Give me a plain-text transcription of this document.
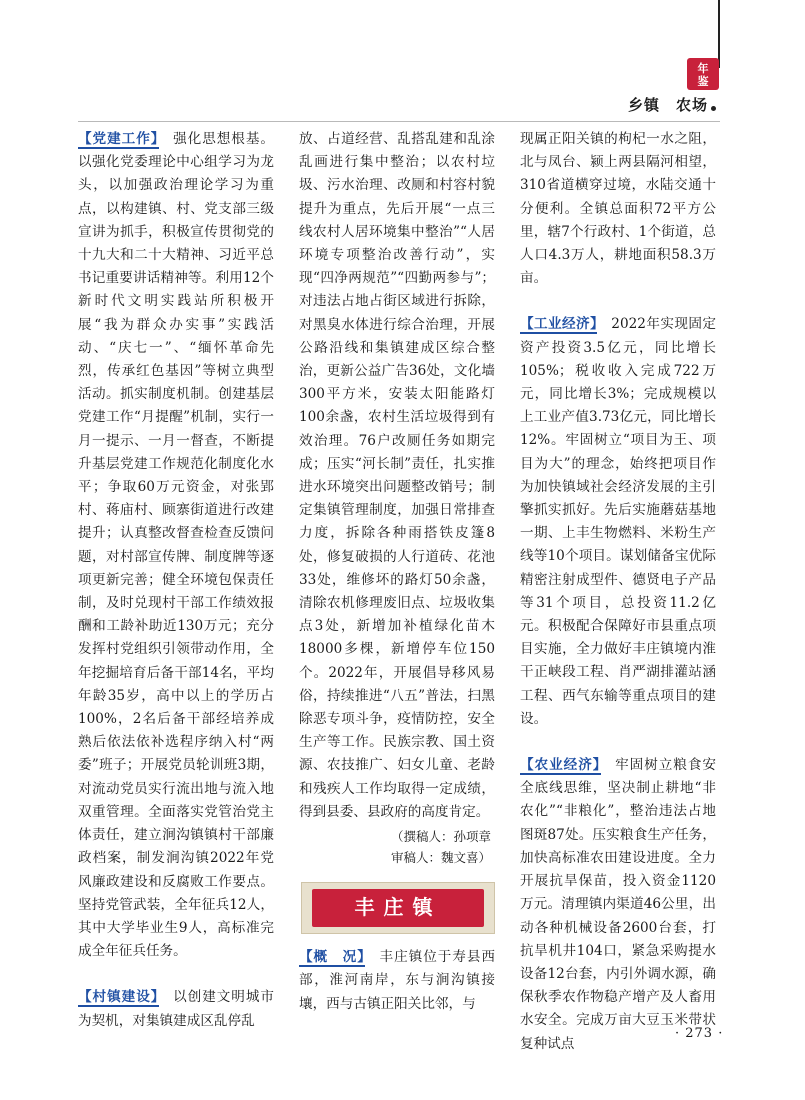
年
鉴
乡镇　农场

【党建工作】　强化思想根基。以强化党委理论中心组学习为龙头，以加强政治理论学习为重点，以构建镇、村、党支部三级宣讲为抓手，积极宣传贯彻党的十九大和二十大精神、习近平总书记重要讲话精神等。利用12个新时代文明实践站所积极开展“我为群众办实事”实践活动、“庆七一”、“缅怀革命先烈，传承红色基因”等树立典型活动。抓实制度机制。创建基层党建工作“月提醒”机制，实行一月一提示、一月一督查，不断提升基层党建工作规范化制度化水平；争取60万元资金，对张郢村、蒋庙村、顾寨街道进行改建提升；认真整改督查检查反馈问题，对村部宣传牌、制度牌等逐项更新完善；健全环境包保责任制，及时兑现村干部工作绩效报酬和工龄补助近130万元；充分发挥村党组织引领带动作用，全年挖掘培育后备干部14名，平均年龄35岁，高中以上的学历占100%，2名后备干部经培养成熟后依法依补选程序纳入村“两委”班子；开展党员轮训班3期，对流动党员实行流出地与流入地双重管理。全面落实党管治党主体责任，建立涧沟镇镇村干部廉政档案，制发涧沟镇2022年党风廉政建设和反腐败工作要点。坚持党管武装，全年征兵12人，其中大学毕业生9人，高标准完成全年征兵任务。

【村镇建设】　以创建文明城市为契机，对集镇建成区乱停乱

放、占道经营、乱搭乱建和乱涂乱画进行集中整治；以农村垃圾、污水治理、改厕和村容村貌提升为重点，先后开展“一点三线农村人居环境集中整治”“人居环境专项整治改善行动”，实现“四净两规范”“四勤两参与”；对违法占地占街区域进行拆除，对黑臭水体进行综合治理，开展公路沿线和集镇建成区综合整治，更新公益广告36处，文化墙300平方米，安装太阳能路灯100余盏，农村生活垃圾得到有效治理。76户改厕任务如期完成；压实“河长制”责任，扎实推进水环境突出问题整改销号；制定集镇管理制度，加强日常排查力度，拆除各种雨搭铁皮篷8处，修复破损的人行道砖、花池33处，维修坏的路灯50余盏，清除农机修理废旧点、垃圾收集点3处，新增加补植绿化苗木18000多棵，新增停车位150个。2022年，开展倡导移风易俗，持续推进“八五”普法，扫黑除恶专项斗争，疫情防控，安全生产等工作。民族宗教、国土资源、农技推广、妇女儿童、老龄和残疾人工作均取得一定成绩，得到县委、县政府的高度肯定。

（撰稿人：孙项章
审稿人：魏文喜）
丰庄镇

【概　况】　丰庄镇位于寿县西部，淮河南岸，东与涧沟镇接壤，西与古镇正阳关比邻，与

现属正阳关镇的枸杞一水之阻，北与凤台、颍上两县隔河相望，310省道横穿过境，水陆交通十分便利。全镇总面积72平方公里，辖7个行政村、1个街道，总人口4.3万人，耕地面积58.3万亩。

【工业经济】　2022年实现固定资产投资3.5亿元，同比增长105%；税收收入完成722万元，同比增长3%；完成规模以上工业产值3.73亿元，同比增长12%。牢固树立“项目为王、项目为大”的理念，始终把项目作为加快镇域社会经济发展的主引擎抓实抓好。先后实施蘑菇基地一期、上丰生物燃料、米粉生产线等10个项目。谋划储备宝优际精密注射成型件、德贤电子产品等31个项目，总投资11.2亿元。积极配合保障好市县重点项目实施，全力做好丰庄镇境内淮干正峡段工程、肖严湖排灌站涵工程、西气东输等重点项目的建设。

【农业经济】　牢固树立粮食安全底线思维，坚决制止耕地“非农化”“非粮化”，整治违法占地图斑87处。压实粮食生产任务，加快高标准农田建设进度。全力开展抗旱保苗，投入资金1120万元。清理镇内渠道46公里，出动各种机械设备2600台套，打抗旱机井104口，紧急采购提水设备12台套，内引外调水源，确保秋季农作物稳产增产及人畜用水安全。完成万亩大豆玉米带状复种试点

· 273 ·
